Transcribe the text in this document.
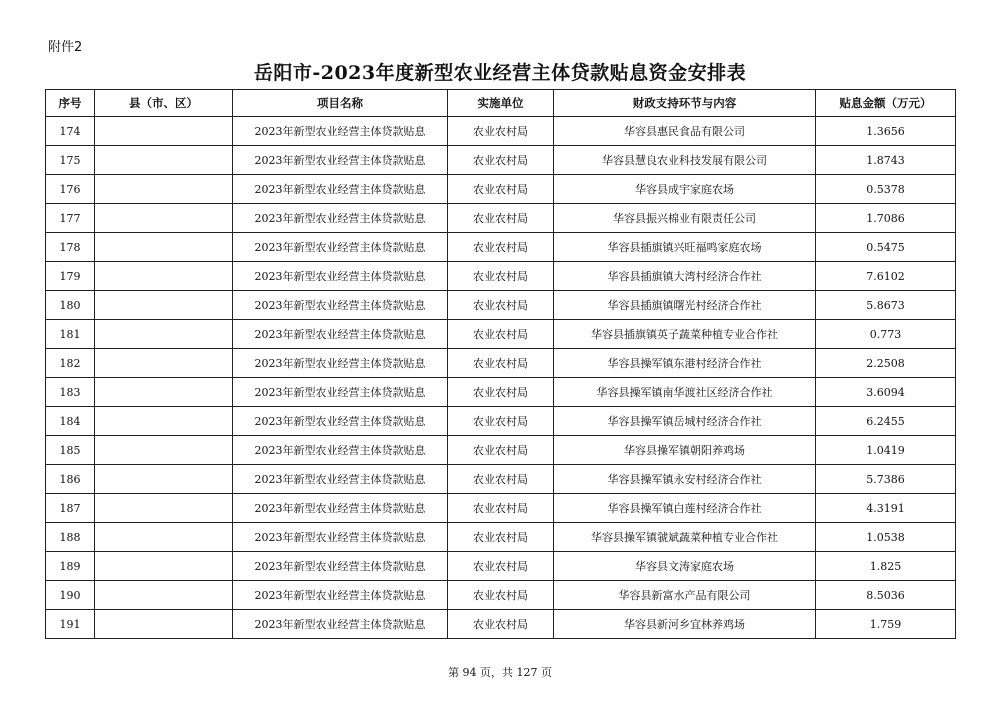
附件2
岳阳市-2023年度新型农业经营主体贷款贴息资金安排表
序号	县（市、区）	项目名称	实施单位	财政支持环节与内容	贴息金额（万元）
174		2023年新型农业经营主体贷款贴息	农业农村局	华容县惠民食品有限公司	1.3656
175		2023年新型农业经营主体贷款贴息	农业农村局	华容县慧良农业科技发展有限公司	1.8743
176		2023年新型农业经营主体贷款贴息	农业农村局	华容县成宇家庭农场	0.5378
177		2023年新型农业经营主体贷款贴息	农业农村局	华容县振兴棉业有限责任公司	1.7086
178		2023年新型农业经营主体贷款贴息	农业农村局	华容县插旗镇兴旺福鸣家庭农场	0.5475
179		2023年新型农业经营主体贷款贴息	农业农村局	华容县插旗镇大湾村经济合作社	7.6102
180		2023年新型农业经营主体贷款贴息	农业农村局	华容县插旗镇曙光村经济合作社	5.8673
181		2023年新型农业经营主体贷款贴息	农业农村局	华容县插旗镇英子蔬菜种植专业合作社	0.773
182		2023年新型农业经营主体贷款贴息	农业农村局	华容县操军镇东港村经济合作社	2.2508
183		2023年新型农业经营主体贷款贴息	农业农村局	华容县操军镇南华渡社区经济合作社	3.6094
184		2023年新型农业经营主体贷款贴息	农业农村局	华容县操军镇岳城村经济合作社	6.2455
185		2023年新型农业经营主体贷款贴息	农业农村局	华容县操军镇朝阳养鸡场	1.0419
186		2023年新型农业经营主体贷款贴息	农业农村局	华容县操军镇永安村经济合作社	5.7386
187		2023年新型农业经营主体贷款贴息	农业农村局	华容县操军镇白莲村经济合作社	4.3191
188		2023年新型农业经营主体贷款贴息	农业农村局	华容县操军镇虢斌蔬菜种植专业合作社	1.0538
189		2023年新型农业经营主体贷款贴息	农业农村局	华容县文涛家庭农场	1.825
190		2023年新型农业经营主体贷款贴息	农业农村局	华容县新富水产品有限公司	8.5036
191		2023年新型农业经营主体贷款贴息	农业农村局	华容县新河乡宜林养鸡场	1.759
第 94 页，共 127 页
